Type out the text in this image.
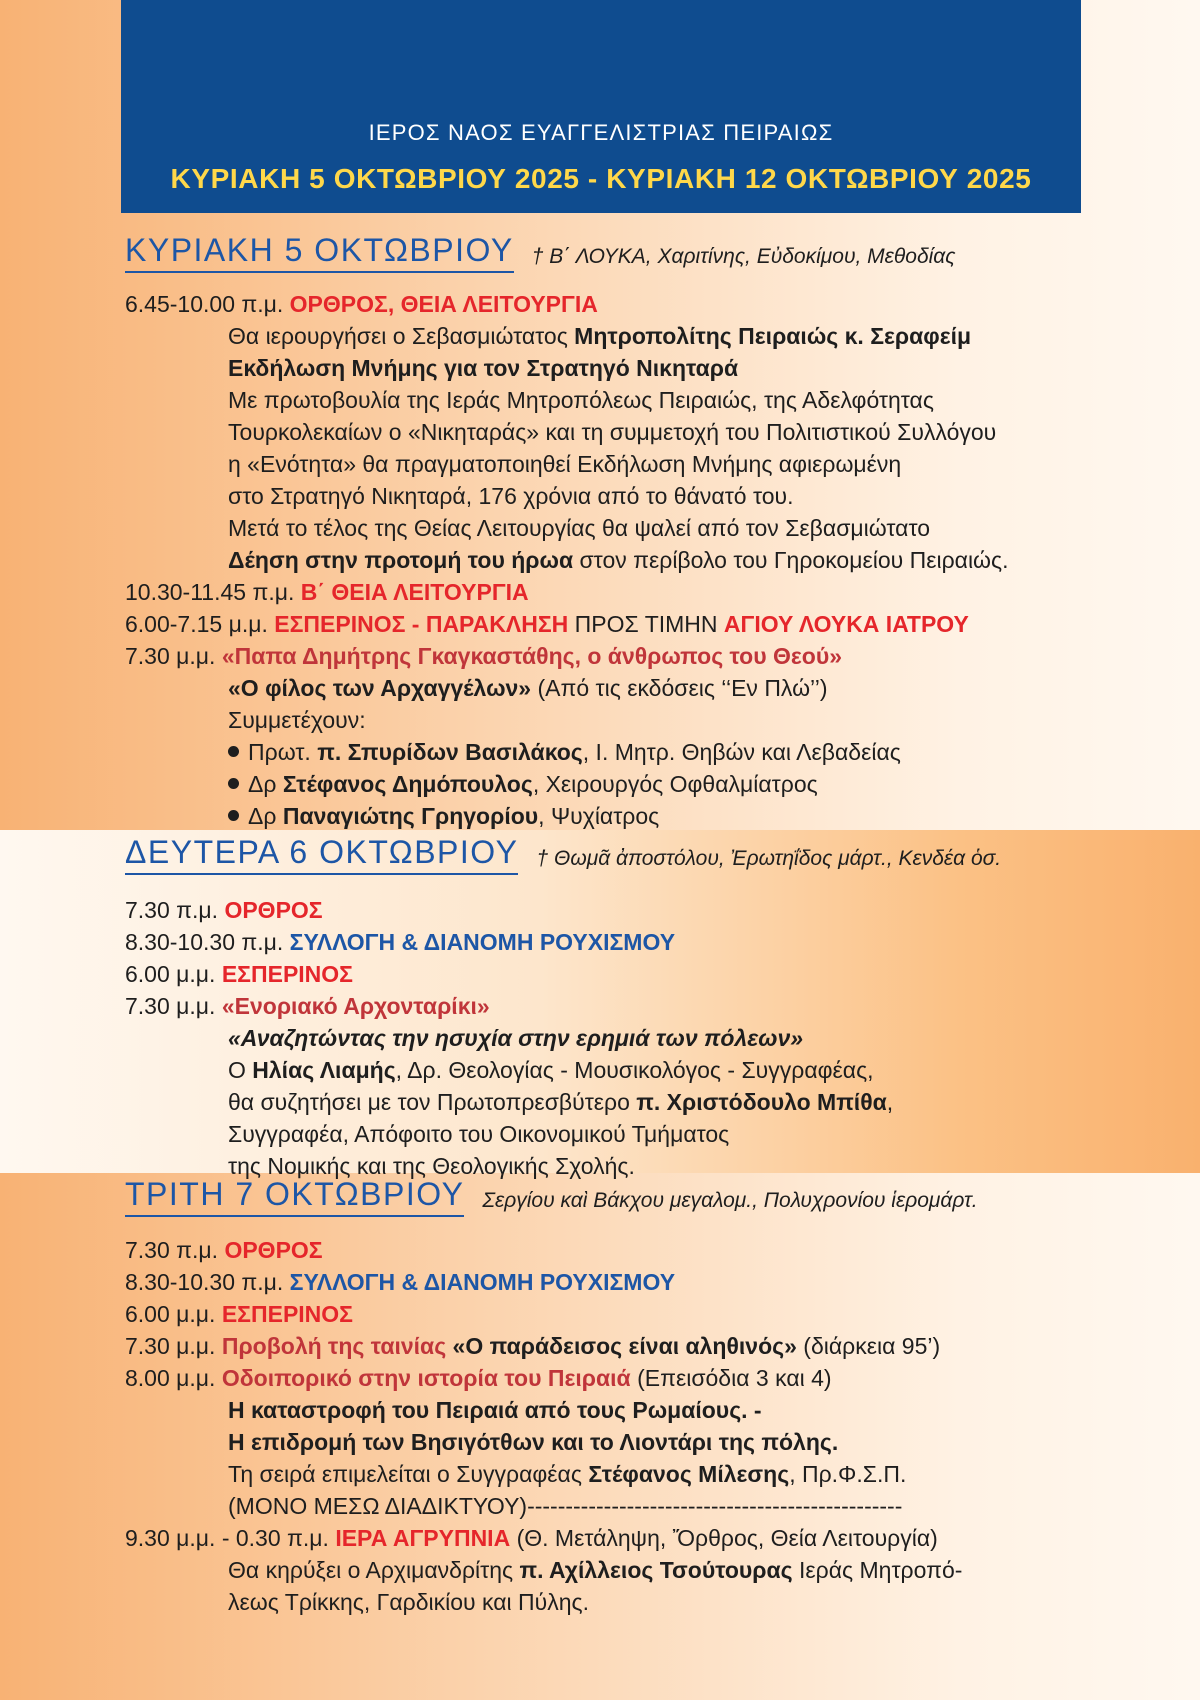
ΙΕΡΟΣ ΝΑΟΣ ΕΥΑΓΓΕΛΙΣΤΡΙΑΣ ΠΕΙΡΑΙΩΣ
ΚΥΡΙΑΚΗ 5 ΟΚΤΩΒΡΙΟΥ 2025 - ΚΥΡΙΑΚΗ 12 ΟΚΤΩΒΡΙΟΥ 2025
ΚΥΡΙΑΚΗ 5 ΟΚΤΩΒΡΙΟΥ † Β΄ ΛΟΥΚΑ, Χαριτίνης, Εὐδοκίμου, Μεθοδίας
6.45-10.00 π.μ. ΟΡΘΡΟΣ, ΘΕΙΑ ΛΕΙΤΟΥΡΓΙΑ
Θα ιερουργήσει ο Σεβασμιώτατος Μητροπολίτης Πειραιώς κ. Σεραφείμ
Εκδήλωση Μνήμης για τον Στρατηγό Νικηταρά
Με πρωτοβουλία της Ιεράς Μητροπόλεως Πειραιώς, της Αδελφότητας
Τουρκολεκαίων ο «Νικηταράς» και τη συμμετοχή του Πολιτιστικού Συλλόγου
η «Ενότητα» θα πραγματοποιηθεί Εκδήλωση Μνήμης αφιερωμένη
στο Στρατηγό Νικηταρά, 176 χρόνια από το θάνατό του.
Μετά το τέλος της Θείας Λειτουργίας θα ψαλεί από τον Σεβασμιώτατο
Δέηση στην προτομή του ήρωα στον περίβολο του Γηροκομείου Πειραιώς.
10.30-11.45 π.μ. Β΄ ΘΕΙΑ ΛΕΙΤΟΥΡΓΙΑ
6.00-7.15 μ.μ. ΕΣΠΕΡΙΝΟΣ - ΠΑΡΑΚΛΗΣΗ ΠΡΟΣ ΤΙΜΗΝ ΑΓΙΟΥ ΛΟΥΚΑ ΙΑΤΡΟΥ
7.30 μ.μ. «Παπα Δημήτρης Γκαγκαστάθης, ο άνθρωπος του Θεού»
«Ο φίλος των Αρχαγγέλων» (Από τις εκδόσεις ‘‘Εν Πλώ’’)
Συμμετέχουν:
Πρωτ. π. Σπυρίδων Βασιλάκος, Ι. Μητρ. Θηβών και Λεβαδείας
Δρ Στέφανος Δημόπουλος, Χειρουργός Οφθαλμίατρος
Δρ Παναγιώτης Γρηγορίου, Ψυχίατρος
ΔΕΥΤΕΡΑ 6 ΟΚΤΩΒΡΙΟΥ † Θωμᾶ ἀποστόλου, Ἐρωτηΐδος μάρτ., Κενδέα ὁσ.
7.30 π.μ. ΟΡΘΡΟΣ
8.30-10.30 π.μ. ΣΥΛΛΟΓΗ & ΔΙΑΝΟΜΗ ΡΟΥΧΙΣΜΟΥ
6.00 μ.μ. ΕΣΠΕΡΙΝΟΣ
7.30 μ.μ. «Ενοριακό Αρχονταρίκι»
«Αναζητώντας την ησυχία στην ερημιά των πόλεων»
Ο Ηλίας Λιαμής, Δρ. Θεολογίας - Μουσικολόγος - Συγγραφέας,
θα συζητήσει με τον Πρωτοπρεσβύτερο π. Χριστόδουλο Μπίθα,
Συγγραφέα, Απόφοιτο του Οικονομικού Τμήματος
της Νομικής και της Θεολογικής Σχολής.
ΤΡΙΤΗ 7 ΟΚΤΩΒΡΙΟΥ Σεργίου καὶ Βάκχου μεγαλομ., Πολυχρονίου ἱερομάρτ.
7.30 π.μ. ΟΡΘΡΟΣ
8.30-10.30 π.μ. ΣΥΛΛΟΓΗ & ΔΙΑΝΟΜΗ ΡΟΥΧΙΣΜΟΥ
6.00 μ.μ. ΕΣΠΕΡΙΝΟΣ
7.30 μ.μ. Προβολή της ταινίας «Ο παράδεισος είναι αληθινός» (διάρκεια 95’)
8.00 μ.μ. Οδοιπορικό στην ιστορία του Πειραιά (Επεισόδια 3 και 4)
Η καταστροφή του Πειραιά από τους Ρωμαίους. -
Η επιδρομή των Βησιγότθων και το Λιοντάρι της πόλης.
Τη σειρά επιμελείται ο Συγγραφέας Στέφανος Μίλεσης, Πρ.Φ.Σ.Π.
(ΜΟΝΟ ΜΕΣΩ ΔΙΑΔΙΚΤΥΟΥ)-------------------------------------------------
9.30 μ.μ. - 0.30 π.μ. ΙΕΡΑ ΑΓΡΥΠΝΙΑ (Θ. Μετάληψη, Ὄρθρος, Θεία Λειτουργία)
Θα κηρύξει ο Αρχιμανδρίτης π. Αχίλλειος Τσούτουρας Ιεράς Μητροπό-
λεως Τρίκκης, Γαρδικίου και Πύλης.
